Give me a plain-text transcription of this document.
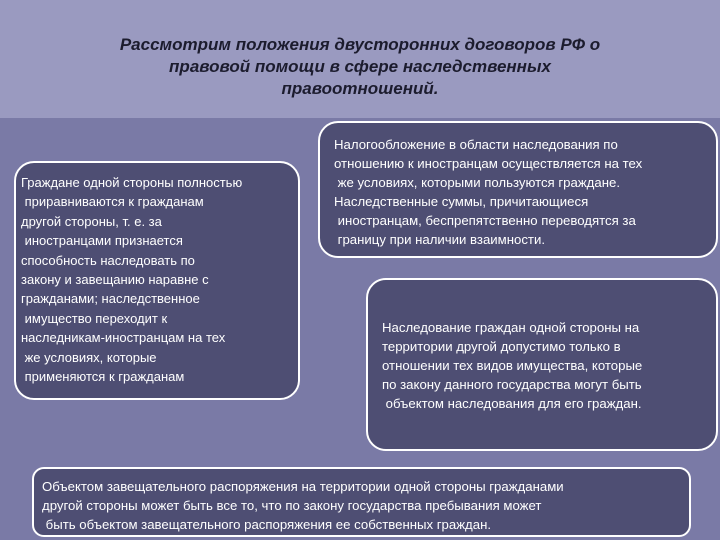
Рассмотрим положения двусторонних договоров РФ о
правовой помощи в сфере наследственных
правоотношений.

Граждане одной стороны полностью
приравниваются к гражданам
другой стороны, т. е. за
иностранцами признается
способность наследовать по
закону и завещанию наравне с
гражданами; наследственное
имущество переходит к
наследникам-иностранцам на тех
же условиях, которые
применяются к гражданам
Налогообложение в области наследования по
отношению к иностранцам осуществляется на тех
же условиях, которыми пользуются граждане.
Наследственные суммы, причитающиеся
иностранцам, беспрепятственно переводятся за
границу при наличии взаимности.
Наследование граждан одной стороны на
территории другой допустимо только в
отношении тех видов имущества, которые
по закону данного государства могут быть
объектом наследования для его граждан.
Объектом завещательного распоряжения на территории одной стороны гражданами
другой стороны может быть все то, что по закону государства пребывания может
быть объектом завещательного распоряжения ее собственных граждан.
